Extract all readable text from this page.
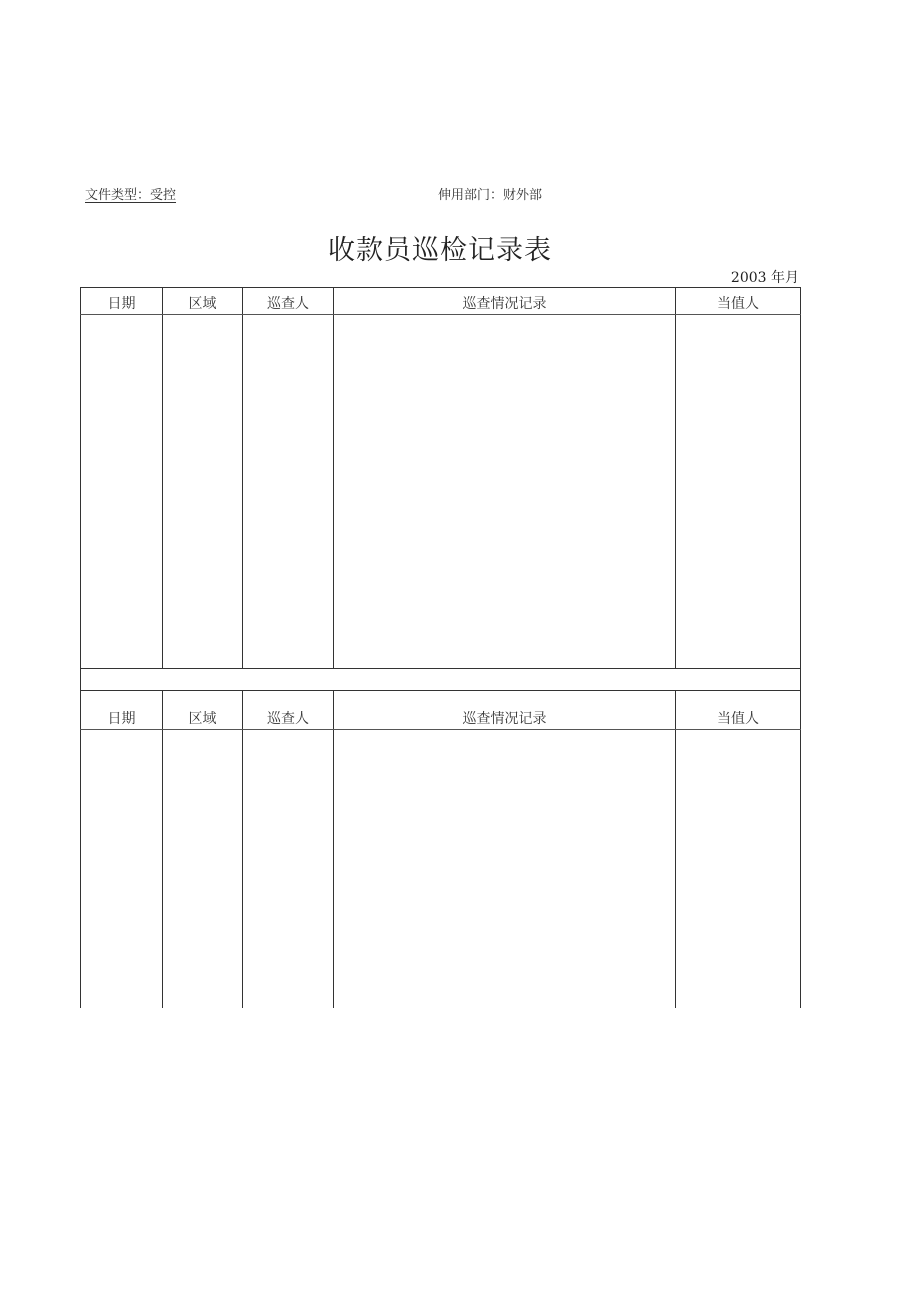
文件类型：受控	伸用部门：财外部
收款员巡检记录表
2003 年月
日期	区域	巡查人	巡查情况记录	当值人

日期	区域	巡查人	巡查情况记录	当值人
